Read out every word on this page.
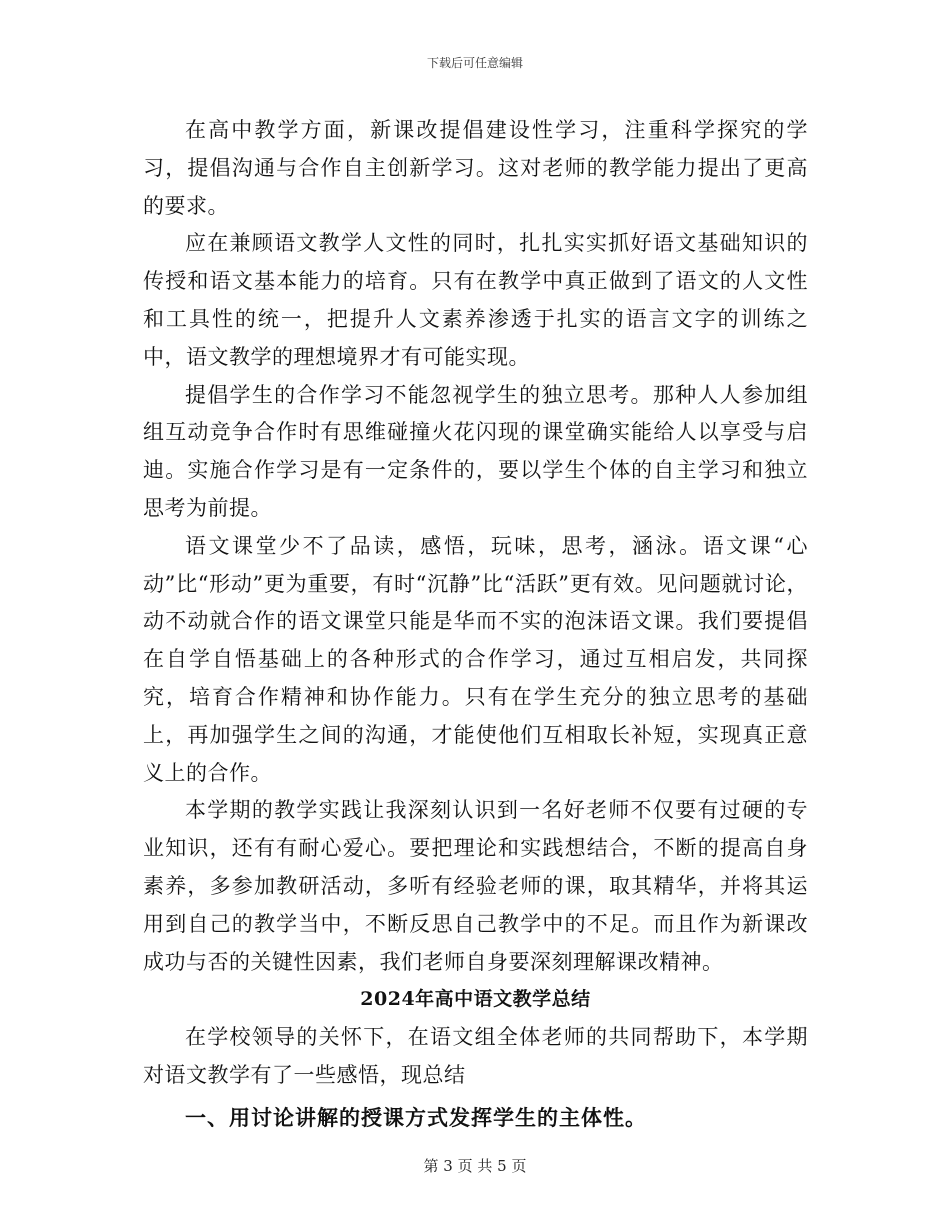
下载后可任意编辑

在高中教学方面，新课改提倡建设性学习，注重科学探究的学习，提倡沟通与合作自主创新学习。这对老师的教学能力提出了更高的要求。

应在兼顾语文教学人文性的同时，扎扎实实抓好语文基础知识的传授和语文基本能力的培育。只有在教学中真正做到了语文的人文性和工具性的统一，把提升人文素养渗透于扎实的语言文字的训练之中，语文教学的理想境界才有可能实现。

提倡学生的合作学习不能忽视学生的独立思考。那种人人参加组组互动竞争合作时有思维碰撞火花闪现的课堂确实能给人以享受与启迪。实施合作学习是有一定条件的，要以学生个体的自主学习和独立思考为前提。

语文课堂少不了品读，感悟，玩味，思考，涵泳。语文课“心动”比“形动”更为重要，有时“沉静”比“活跃”更有效。见问题就讨论，动不动就合作的语文课堂只能是华而不实的泡沫语文课。我们要提倡在自学自悟基础上的各种形式的合作学习，通过互相启发，共同探究，培育合作精神和协作能力。只有在学生充分的独立思考的基础上，再加强学生之间的沟通，才能使他们互相取长补短，实现真正意义上的合作。

本学期的教学实践让我深刻认识到一名好老师不仅要有过硬的专业知识，还有有耐心爱心。要把理论和实践想结合，不断的提高自身素养，多参加教研活动，多听有经验老师的课，取其精华，并将其运用到自己的教学当中，不断反思自己教学中的不足。而且作为新课改成功与否的关键性因素，我们老师自身要深刻理解课改精神。

2024年高中语文教学总结

在学校领导的关怀下，在语文组全体老师的共同帮助下，本学期对语文教学有了一些感悟，现总结

一、用讨论讲解的授课方式发挥学生的主体性。

第 3 页 共 5 页
